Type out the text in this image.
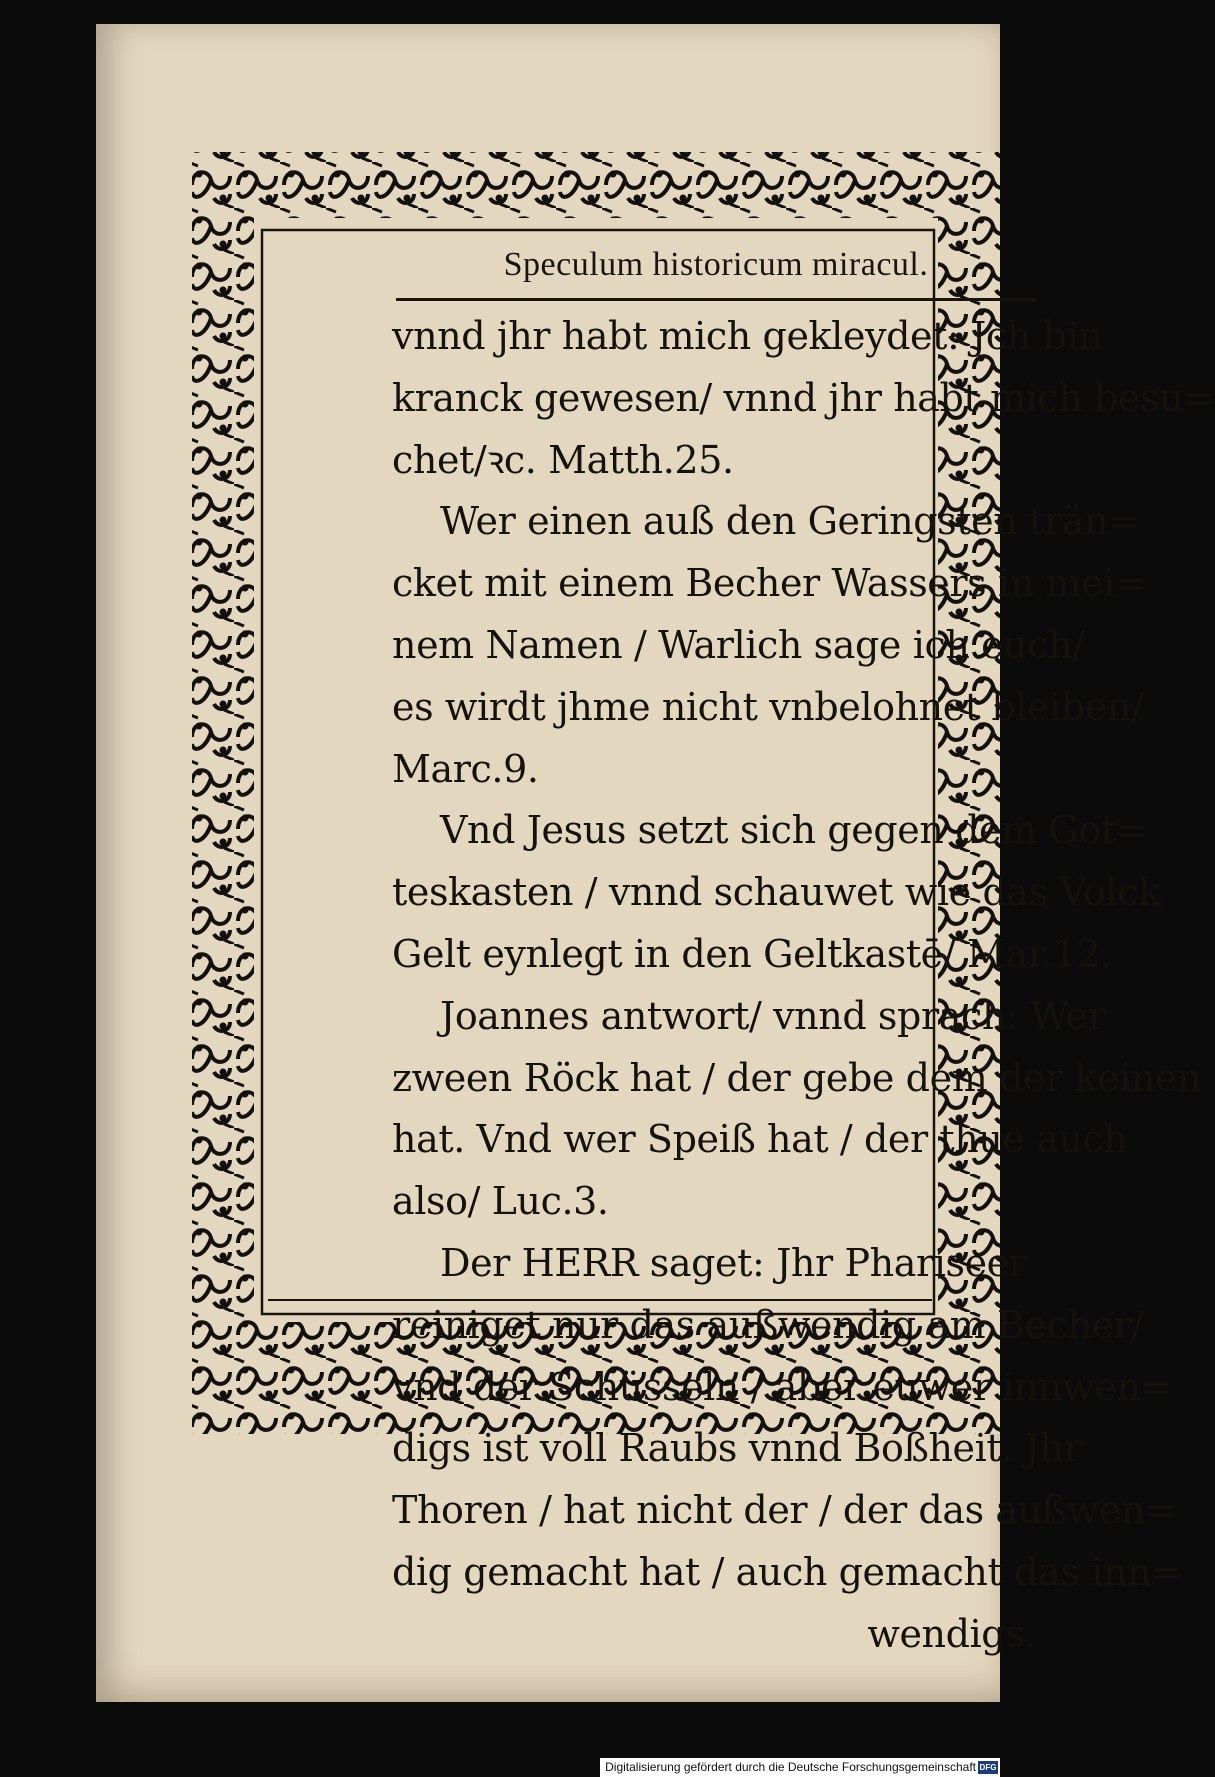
Speculum historicum miracul.
vnnd jhr habt mich gekleydet: Jch bin
kranck gewesen/ vnnd jhr habt mich besu=
chet/ꝛc. Matth.25.
Wer einen auß den Geringsten trän=
cket mit einem Becher Wassers in mei=
nem Namen / Warlich sage ich euch/
es wirdt jhme nicht vnbelohnet bleiben/
Marc.9.
Vnd Jesus setzt sich gegen dem Got=
teskasten / vnnd schauwet wie das Volck
Gelt eynlegt in den Geltkastē/ Mar.12.
Joannes antwort/ vnnd sprach: Wer
zween Röck hat / der gebe dem der keinen
hat. Vnd wer Speiß hat / der thue auch
also/ Luc.3.
Der HERR saget: Jhr Phariseer
reiniget nur das außwendig am Becher/
vnd der Schüsseln / aber euwer innwen=
digs ist voll Raubs vnnd Boßheit. Jhr
Thoren / hat nicht der / der das außwen=
dig gemacht hat / auch gemacht das inn=
wendigs.
Digitalisierung gefördert durch die Deutsche Forschungsgemeinschaft DFG
